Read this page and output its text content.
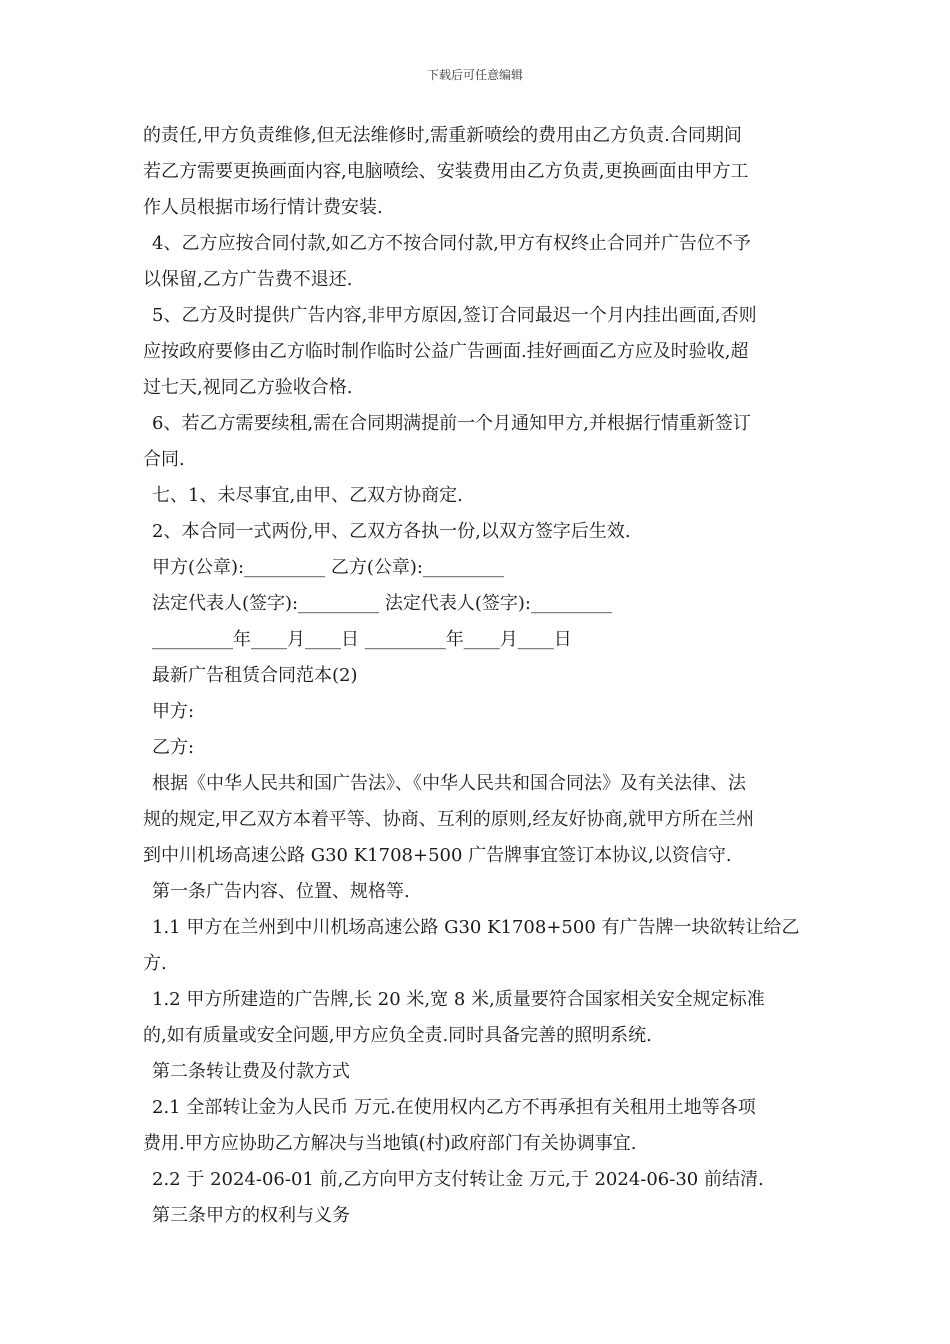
下载后可任意编辑

的责任,甲方负责维修,但无法维修时,需重新喷绘的费用由乙方负责.合同期间

若乙方需要更换画面内容,电脑喷绘、安装费用由乙方负责,更换画面由甲方工

作人员根据市场行情计费安装.

4、乙方应按合同付款,如乙方不按合同付款,甲方有权终止合同并广告位不予

以保留,乙方广告费不退还.

5、乙方及时提供广告内容,非甲方原因,签订合同最迟一个月内挂出画面,否则

应按政府要修由乙方临时制作临时公益广告画面.挂好画面乙方应及时验收,超

过七天,视同乙方验收合格.

6、若乙方需要续租,需在合同期满提前一个月通知甲方,并根据行情重新签订

合同.

七、1、未尽事宜,由甲、乙双方协商定.

2、本合同一式两份,甲、乙双方各执一份,以双方签字后生效.

甲方(公章):_________ 乙方(公章):_________

法定代表人(签字):_________ 法定代表人(签字):_________

_________年____月____日 _________年____月____日

最新广告租赁合同范本(2)

甲方:

乙方:

根据《中华人民共和国广告法》、《中华人民共和国合同法》及有关法律、法

规的规定,甲乙双方本着平等、协商、互利的原则,经友好协商,就甲方所在兰州

到中川机场高速公路 G30 K1708+500 广告牌事宜签订本协议,以资信守.

第一条广告内容、位置、规格等.

1.1 甲方在兰州到中川机场高速公路 G30 K1708+500 有广告牌一块欲转让给乙

方.

1.2 甲方所建造的广告牌,长 20 米,宽 8 米,质量要符合国家相关安全规定标准

的,如有质量或安全问题,甲方应负全责.同时具备完善的照明系统.

第二条转让费及付款方式

2.1 全部转让金为人民币 万元.在使用权内乙方不再承担有关租用土地等各项

费用.甲方应协助乙方解决与当地镇(村)政府部门有关协调事宜.

2.2 于 2024-06-01 前,乙方向甲方支付转让金 万元,于 2024-06-30 前结清.

第三条甲方的权利与义务
